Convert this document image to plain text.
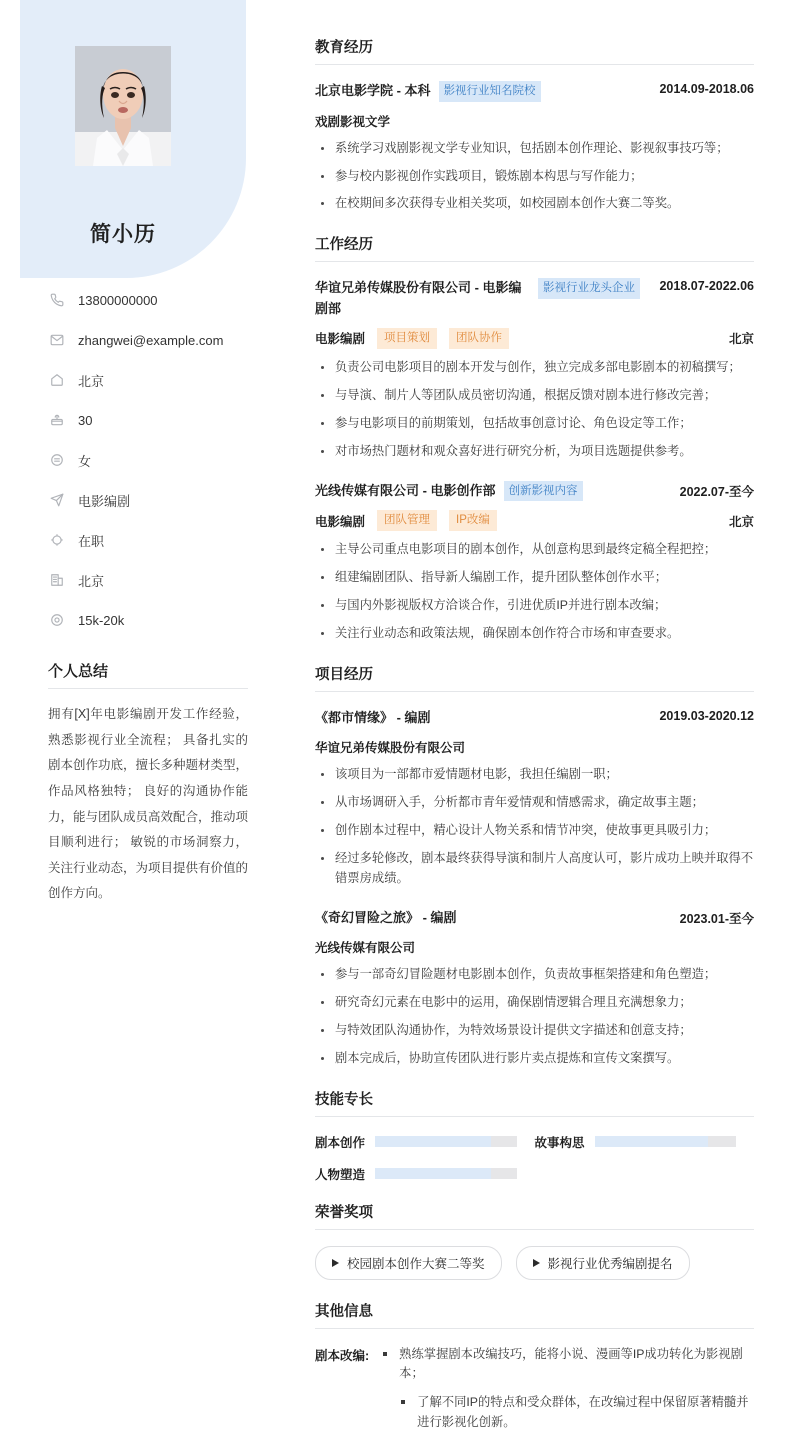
简小历
13800000000
zhangwei@example.com
北京
30
女
电影编剧
在职
北京
15k-20k
个人总结
拥有[X]年电影编剧开发工作经验，熟悉影视行业全流程； 具备扎实的剧本创作功底，擅长多种题材类型，作品风格独特； 良好的沟通协作能力，能与团队成员高效配合，推动项目顺利进行； 敏锐的市场洞察力，关注行业动态，为项目提供有价值的创作方向。
教育经历
北京电影学院 - 本科	影视行业知名院校	2014.09-2018.06
戏剧影视文学
系统学习戏剧影视文学专业知识，包括剧本创作理论、影视叙事技巧等；
参与校内影视创作实践项目，锻炼剧本构思与写作能力；
在校期间多次获得专业相关奖项，如校园剧本创作大赛二等奖。
工作经历
华谊兄弟传媒股份有限公司 - 电影编剧部
影视行业龙头企业	2018.07-2022.06
电影编剧	项目策划	团队协作	北京
负责公司电影项目的剧本开发与创作，独立完成多部电影剧本的初稿撰写；
与导演、制片人等团队成员密切沟通，根据反馈对剧本进行修改完善；
参与电影项目的前期策划，包括故事创意讨论、角色设定等工作；
对市场热门题材和观众喜好进行研究分析，为项目选题提供参考。
光线传媒有限公司 - 电影创作部	创新影视内容	2022.07-至今
电影编剧	团队管理	IP改编	北京
主导公司重点电影项目的剧本创作，从创意构思到最终定稿全程把控；
组建编剧团队、指导新人编剧工作，提升团队整体创作水平；
与国内外影视版权方洽谈合作，引进优质IP并进行剧本改编；
关注行业动态和政策法规，确保剧本创作符合市场和审查要求。
项目经历
《都市情缘》 - 编剧	2019.03-2020.12
华谊兄弟传媒股份有限公司
该项目为一部都市爱情题材电影，我担任编剧一职；
从市场调研入手，分析都市青年爱情观和情感需求，确定故事主题；
创作剧本过程中，精心设计人物关系和情节冲突，使故事更具吸引力；
经过多轮修改，剧本最终获得导演和制片人高度认可，影片成功上映并取得不错票房成绩。
《奇幻冒险之旅》 - 编剧	2023.01-至今
光线传媒有限公司
参与一部奇幻冒险题材电影剧本创作，负责故事框架搭建和角色塑造；
研究奇幻元素在电影中的运用，确保剧情逻辑合理且充满想象力；
与特效团队沟通协作，为特效场景设计提供文字描述和创意支持；
剧本完成后，协助宣传团队进行影片卖点提炼和宣传文案撰写。
技能专长
剧本创作	故事构思
人物塑造
荣誉奖项
校园剧本创作大赛二等奖	影视行业优秀编剧提名
其他信息
剧本改编:	熟练掌握剧本改编技巧，能将小说、漫画等IP成功转化为影视剧本；
了解不同IP的特点和受众群体，在改编过程中保留原著精髓并进行影视化创新。
